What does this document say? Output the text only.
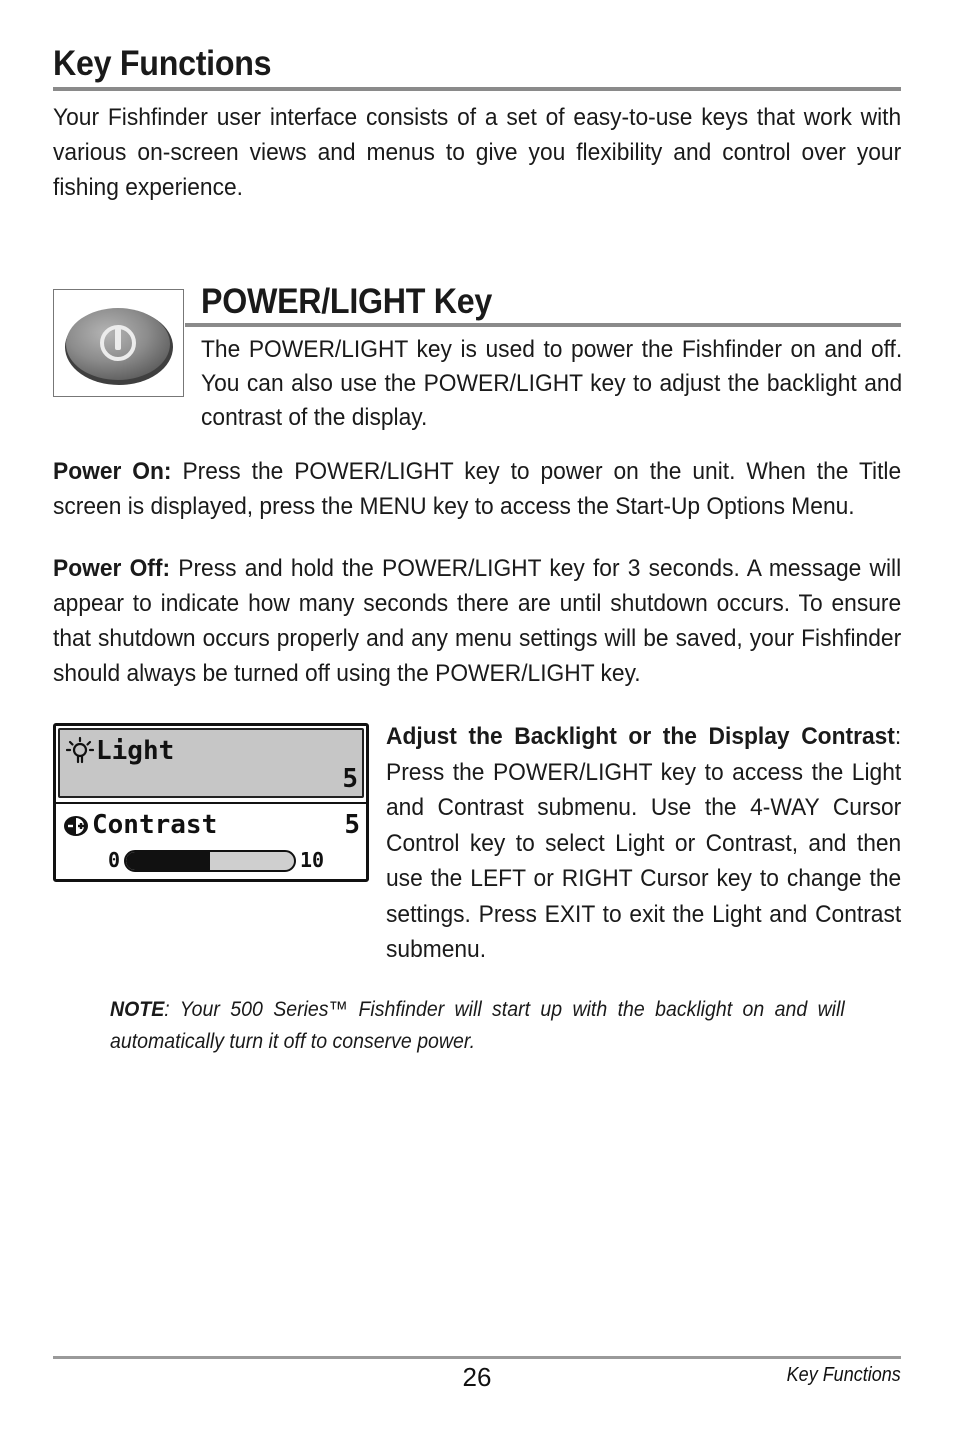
Key Functions

Your Fishfinder user interface consists of a set of easy-to-use keys that work with various on-screen views and menus to give you flexibility and control over your fishing experience.

POWER/LIGHT Key

The POWER/LIGHT key is used to power the Fishfinder on and off. You can also use the POWER/LIGHT key to adjust the backlight and contrast of the display.

Power On: Press the POWER/LIGHT key to power on the unit. When the Title screen is displayed, press the MENU key to access the Start-Up Options Menu.

Power Off: Press and hold the POWER/LIGHT key for 3 seconds. A message will appear to indicate how many seconds there are until shutdown occurs. To ensure that shutdown occurs properly and any menu settings will be saved, your Fishfinder should always be turned off using the POWER/LIGHT key.

Light
5
Contrast	5
0	10

Adjust the Backlight or the Display Contrast: Press the POWER/LIGHT key to access the Light and Contrast submenu. Use the 4-WAY Cursor Control key to select Light or Contrast, and then use the LEFT or RIGHT Cursor key to change the settings. Press EXIT to exit the Light and Contrast submenu.

NOTE: Your 500 Series™ Fishfinder will start up with the backlight on and will automatically turn it off to conserve power.

26	Key Functions
